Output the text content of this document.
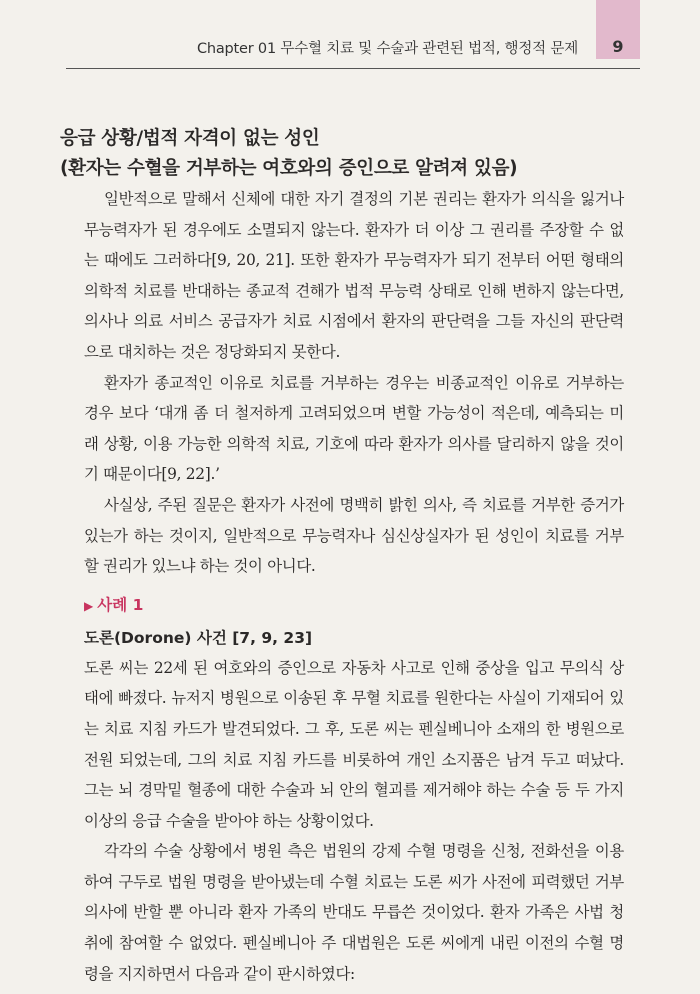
Chapter 01 무수혈 치료 및 수술과 관련된 법적, 행정적 문제	9

응급 상황/법적 자격이 없는 성인

(환자는 수혈을 거부하는 여호와의 증인으로 알려져 있음)

일반적으로 말해서 신체에 대한 자기 결정의 기본 권리는 환자가 의식을 잃거나 무능력자가 된 경우에도 소멸되지 않는다. 환자가 더 이상 그 권리를 주장할 수 없는 때에도 그러하다[9, 20, 21]. 또한 환자가 무능력자가 되기 전부터 어떤 형태의 의학적 치료를 반대하는 종교적 견해가 법적 무능력 상태로 인해 변하지 않는다면, 의사나 의료 서비스 공급자가 치료 시점에서 환자의 판단력을 그들 자신의 판단력으로 대치하는 것은 정당화되지 못한다.

환자가 종교적인 이유로 치료를 거부하는 경우는 비종교적인 이유로 거부하는 경우 보다 ‘대개 좀 더 철저하게 고려되었으며 변할 가능성이 적은데, 예측되는 미래 상황, 이용 가능한 의학적 치료, 기호에 따라 환자가 의사를 달리하지 않을 것이기 때문이다[9, 22].’

사실상, 주된 질문은 환자가 사전에 명백히 밝힌 의사, 즉 치료를 거부한 증거가 있는가 하는 것이지, 일반적으로 무능력자나 심신상실자가 된 성인이 치료를 거부할 권리가 있느냐 하는 것이 아니다.

▶ 사례 1
도론(Dorone) 사건 [7, 9, 23]

도론 씨는 22세 된 여호와의 증인으로 자동차 사고로 인해 중상을 입고 무의식 상태에 빠졌다. 뉴저지 병원으로 이송된 후 무혈 치료를 원한다는 사실이 기재되어 있는 치료 지침 카드가 발견되었다. 그 후, 도론 씨는 펜실베니아 소재의 한 병원으로 전원 되었는데, 그의 치료 지침 카드를 비롯하여 개인 소지품은 남겨 두고 떠났다. 그는 뇌 경막밑 혈종에 대한 수술과 뇌 안의 혈괴를 제거해야 하는 수술 등 두 가지 이상의 응급 수술을 받아야 하는 상황이었다.

각각의 수술 상황에서 병원 측은 법원의 강제 수혈 명령을 신청, 전화선을 이용하여 구두로 법원 명령을 받아냈는데 수혈 치료는 도론 씨가 사전에 피력했던 거부 의사에 반할 뿐 아니라 환자 가족의 반대도 무릅쓴 것이었다. 환자 가족은 사법 청취에 참여할 수 없었다. 펜실베니아 주 대법원은 도론 씨에게 내린 이전의 수혈 명령을 지지하면서 다음과 같이 판시하였다:
